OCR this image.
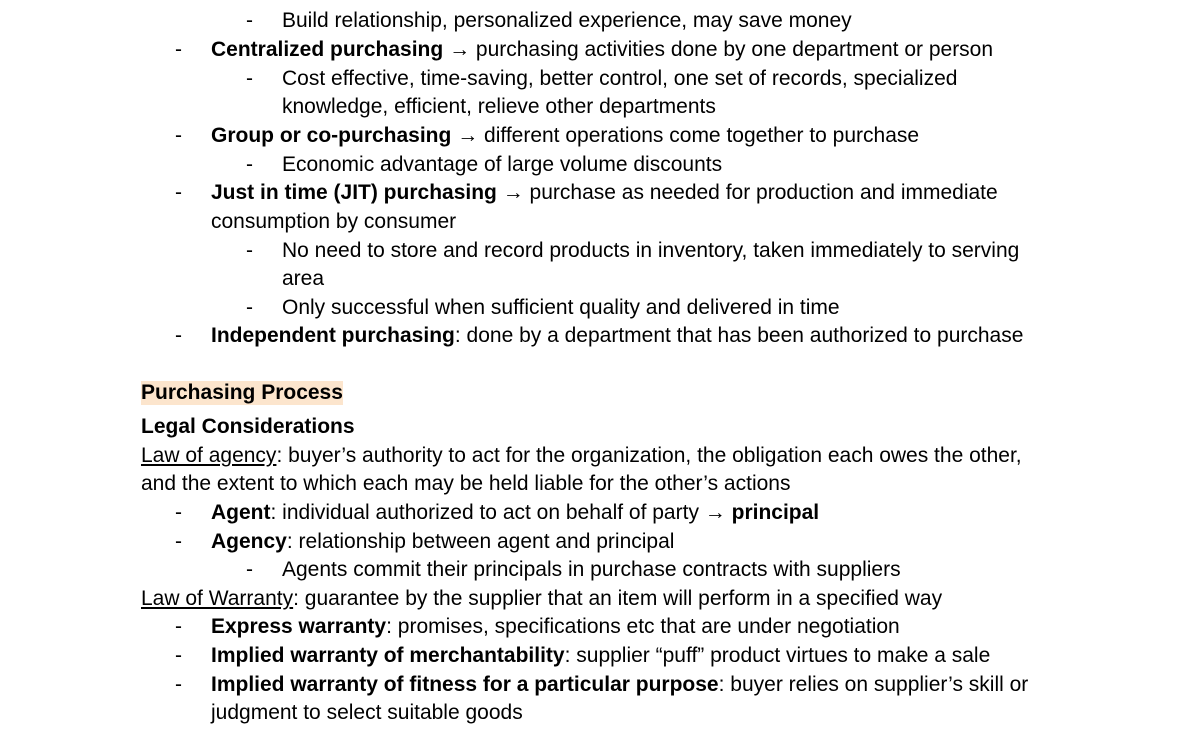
- Build relationship, personalized experience, may save money
- Centralized purchasing → purchasing activities done by one department or person
- Cost effective, time-saving, better control, one set of records, specialized
knowledge, efficient, relieve other departments
- Group or co-purchasing → different operations come together to purchase
- Economic advantage of large volume discounts
- Just in time (JIT) purchasing → purchase as needed for production and immediate
consumption by consumer
- No need to store and record products in inventory, taken immediately to serving
area
- Only successful when sufficient quality and delivered in time
- Independent purchasing: done by a department that has been authorized to purchase
Purchasing Process
Legal Considerations
Law of agency: buyer’s authority to act for the organization, the obligation each owes the other,
and the extent to which each may be held liable for the other’s actions
- Agent: individual authorized to act on behalf of party → principal
- Agency: relationship between agent and principal
- Agents commit their principals in purchase contracts with suppliers
Law of Warranty: guarantee by the supplier that an item will perform in a specified way
- Express warranty: promises, specifications etc that are under negotiation
- Implied warranty of merchantability: supplier “puff” product virtues to make a sale
- Implied warranty of fitness for a particular purpose: buyer relies on supplier’s skill or
judgment to select suitable goods
